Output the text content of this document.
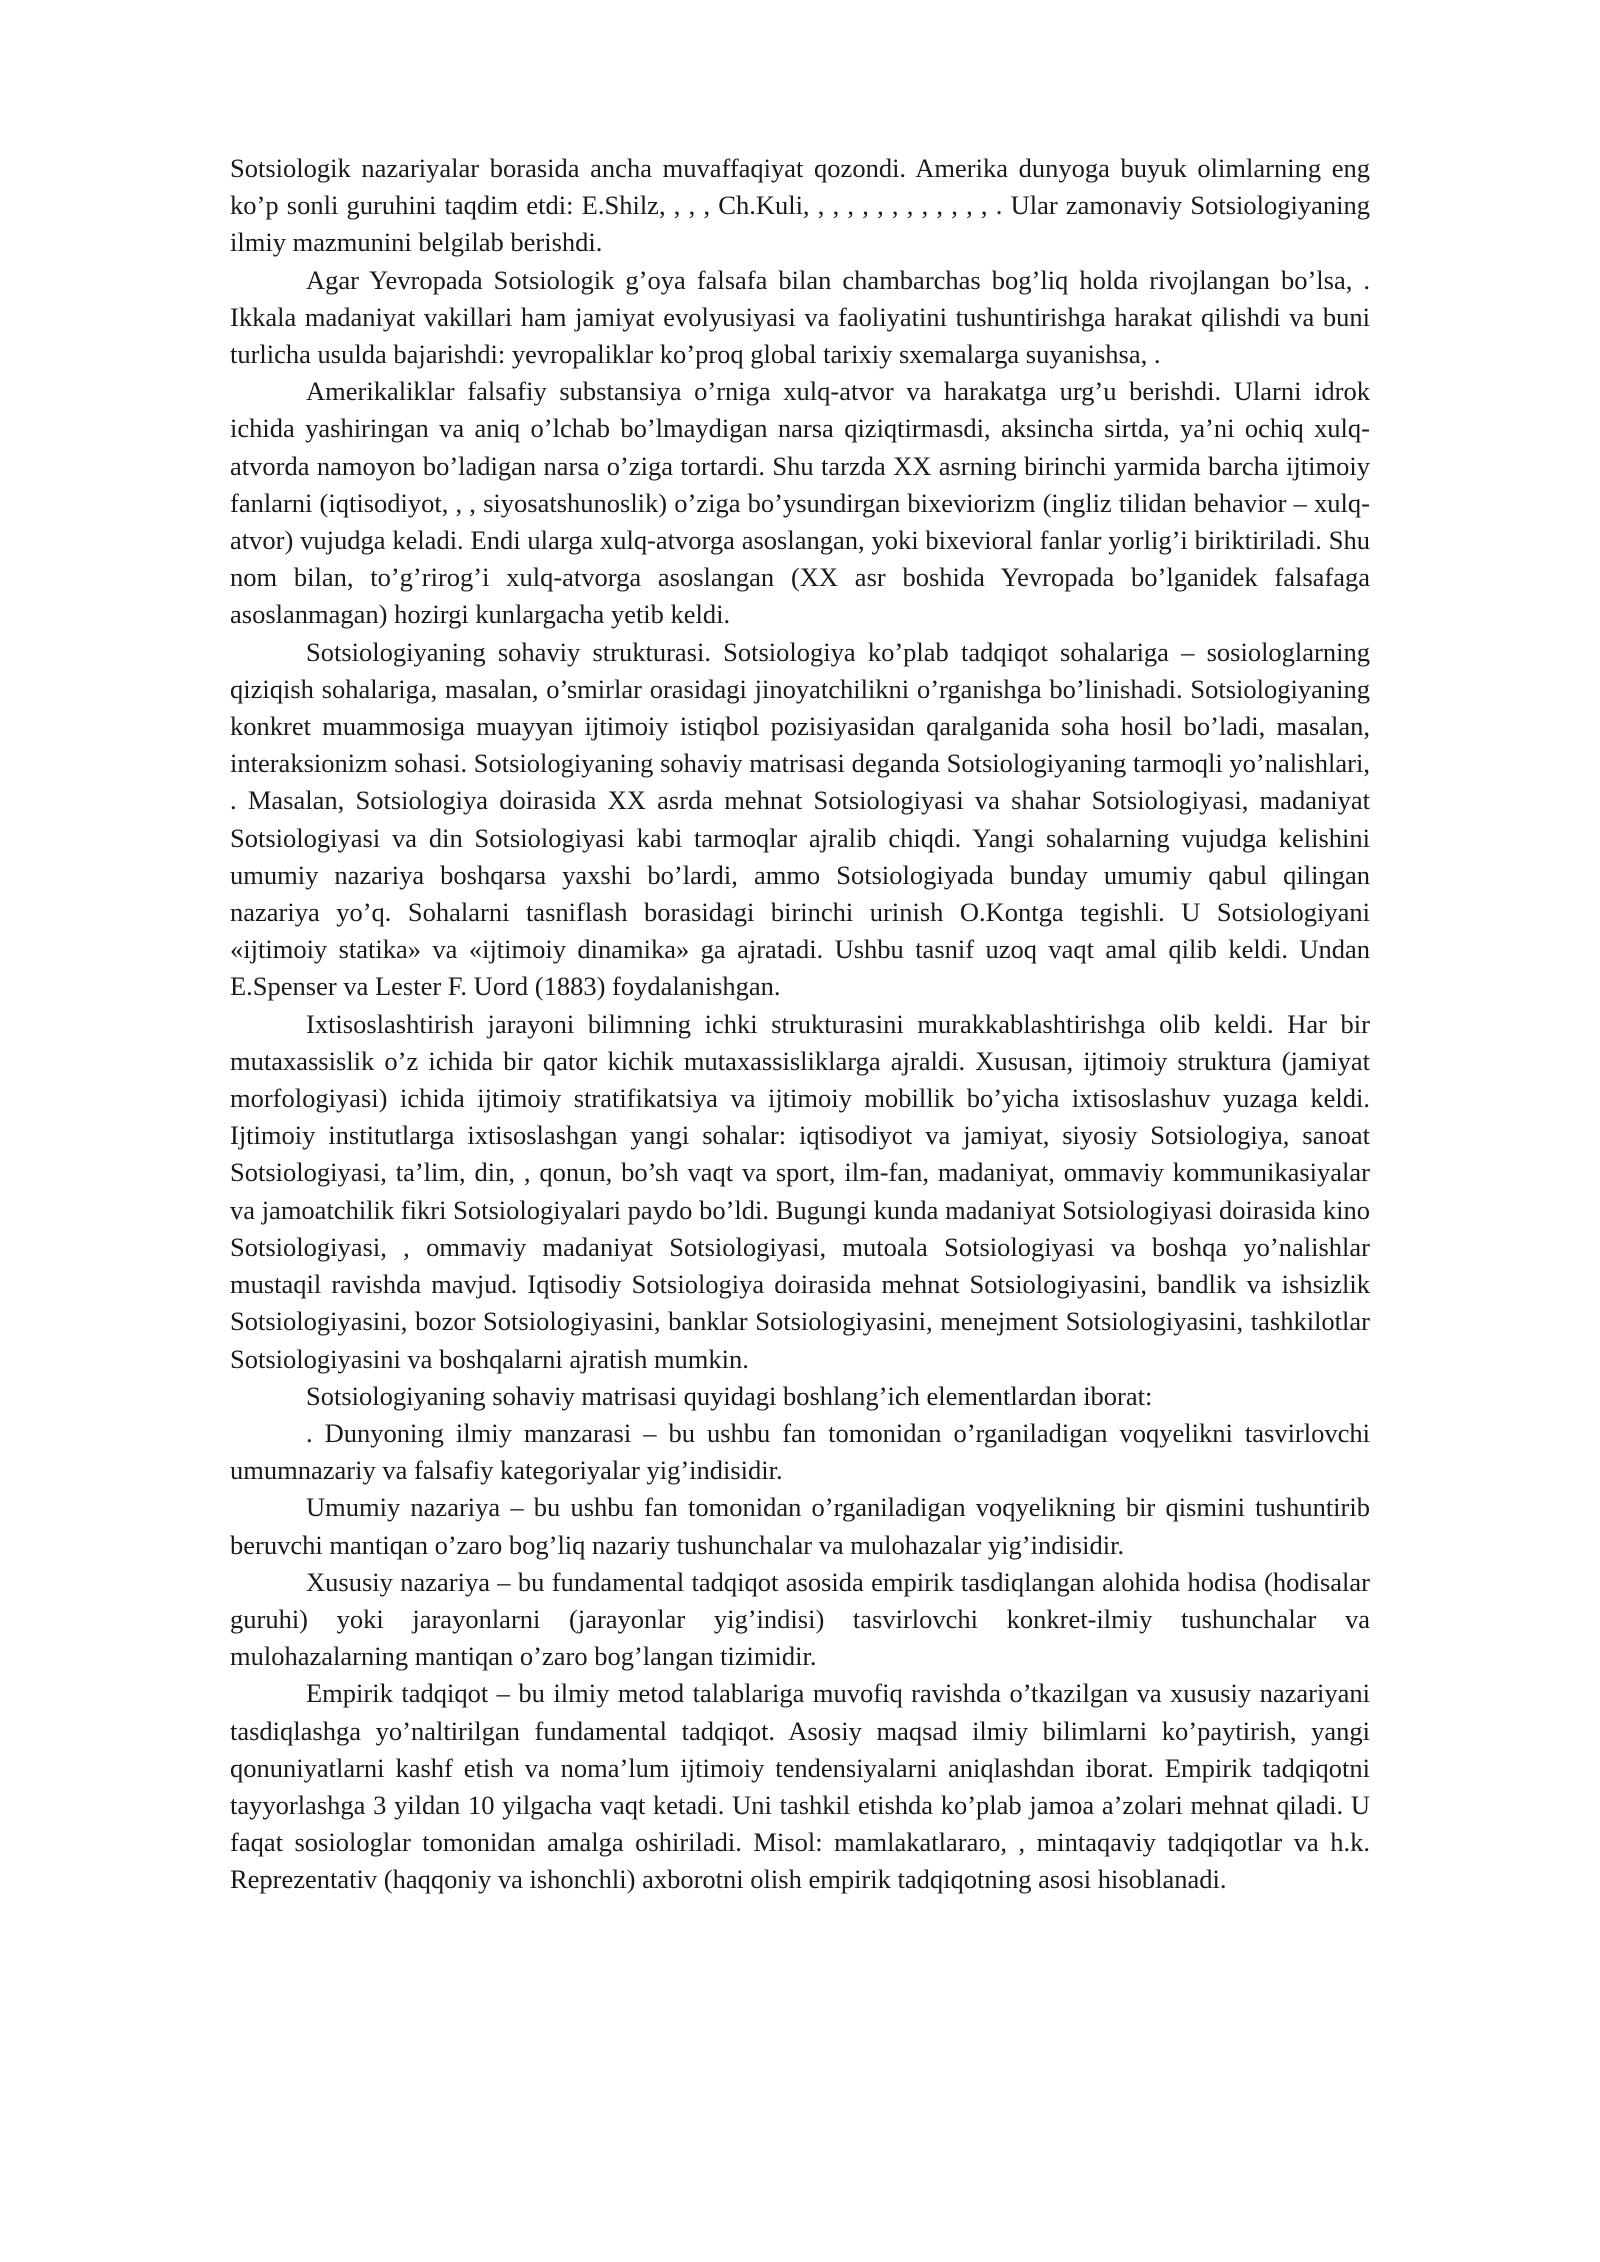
Sotsiologik nazariyalar borasida ancha muvaffaqiyat qozondi. Amerika dunyoga buyuk olimlarning eng ko’p sonli guruhini taqdim etdi: E.Shilz, , , , Ch.Kuli, , , , , , , , , , , , , . Ular zamonaviy Sotsiologiyaning ilmiy mazmunini belgilab berishdi.

Agar Yevropada Sotsiologik g’oya falsafa bilan chambarchas bog’liq holda rivojlangan bo’lsa, . Ikkala madaniyat vakillari ham jamiyat evolyusiyasi va faoliyatini tushuntirishga harakat qilishdi va buni turlicha usulda bajarishdi: yevropaliklar ko’proq global tarixiy sxemalarga suyanishsa, .

Amerikaliklar falsafiy substansiya o’rniga xulq-atvor va harakatga urg’u berishdi. Ularni idrok ichida yashiringan va aniq o’lchab bo’lmaydigan narsa qiziqtirmasdi, aksincha sirtda, ya’ni ochiq xulq-atvorda namoyon bo’ladigan narsa o’ziga tortardi. Shu tarzda XX asrning birinchi yarmida barcha ijtimoiy fanlarni (iqtisodiyot, , , siyosatshunoslik) o’ziga bo’ysundirgan bixeviorizm (ingliz tilidan behavior – xulq-atvor) vujudga keladi. Endi ularga xulq-atvorga asoslangan, yoki bixevioral fanlar yorlig’i biriktiriladi. Shu nom bilan, to’g’rirog’i xulq-atvorga asoslangan (XX asr boshida Yevropada bo’lganidek falsafaga asoslanmagan) hozirgi kunlargacha yetib keldi.

Sotsiologiyaning sohaviy strukturasi. Sotsiologiya ko’plab tadqiqot sohalariga – sosiologlarning qiziqish sohalariga, masalan, o’smirlar orasidagi jinoyatchilikni o’rganishga bo’linishadi. Sotsiologiyaning konkret muammosiga muayyan ijtimoiy istiqbol pozisiyasidan qaralganida soha hosil bo’ladi, masalan, interaksionizm sohasi. Sotsiologiyaning sohaviy matrisasi deganda Sotsiologiyaning tarmoqli yo’nalishlari, . Masalan, Sotsiologiya doirasida XX asrda mehnat Sotsiologiyasi va shahar Sotsiologiyasi, madaniyat Sotsiologiyasi va din Sotsiologiyasi kabi tarmoqlar ajralib chiqdi. Yangi sohalarning vujudga kelishini umumiy nazariya boshqarsa yaxshi bo’lardi, ammo Sotsiologiyada bunday umumiy qabul qilingan nazariya yo’q. Sohalarni tasniflash borasidagi birinchi urinish O.Kontga tegishli. U Sotsiologiyani «ijtimoiy statika» va «ijtimoiy dinamika» ga ajratadi. Ushbu tasnif uzoq vaqt amal qilib keldi. Undan E.Spenser va Lester F. Uord (1883) foydalanishgan.

Ixtisoslashtirish jarayoni bilimning ichki strukturasini murakkablashtirishga olib keldi. Har bir mutaxassislik o’z ichida bir qator kichik mutaxassisliklarga ajraldi. Xususan, ijtimoiy struktura (jamiyat morfologiyasi) ichida ijtimoiy stratifikatsiya va ijtimoiy mobillik bo’yicha ixtisoslashuv yuzaga keldi. Ijtimoiy institutlarga ixtisoslashgan yangi sohalar: iqtisodiyot va jamiyat, siyosiy Sotsiologiya, sanoat Sotsiologiyasi, ta’lim, din, , qonun, bo’sh vaqt va sport, ilm-fan, madaniyat, ommaviy kommunikasiyalar va jamoatchilik fikri Sotsiologiyalari paydo bo’ldi. Bugungi kunda madaniyat Sotsiologiyasi doirasida kino Sotsiologiyasi, , ommaviy madaniyat Sotsiologiyasi, mutoala Sotsiologiyasi va boshqa yo’nalishlar mustaqil ravishda mavjud. Iqtisodiy Sotsiologiya doirasida mehnat Sotsiologiyasini, bandlik va ishsizlik Sotsiologiyasini, bozor Sotsiologiyasini, banklar Sotsiologiyasini, menejment Sotsiologiyasini, tashkilotlar Sotsiologiyasini va boshqalarni ajratish mumkin.

Sotsiologiyaning sohaviy matrisasi quyidagi boshlang’ich elementlardan iborat:

. Dunyoning ilmiy manzarasi – bu ushbu fan tomonidan o’rganiladigan voqyelikni tasvirlovchi umumnazariy va falsafiy kategoriyalar yig’indisidir.

Umumiy nazariya – bu ushbu fan tomonidan o’rganiladigan voqyelikning bir qismini tushuntirib beruvchi mantiqan o’zaro bog’liq nazariy tushunchalar va mulohazalar yig’indisidir.

Xususiy nazariya – bu fundamental tadqiqot asosida empirik tasdiqlangan alohida hodisa (hodisalar guruhi) yoki jarayonlarni (jarayonlar yig’indisi) tasvirlovchi konkret-ilmiy tushunchalar va mulohazalarning mantiqan o’zaro bog’langan tizimidir.

Empirik tadqiqot – bu ilmiy metod talablariga muvofiq ravishda o’tkazilgan va xususiy nazariyani tasdiqlashga yo’naltirilgan fundamental tadqiqot. Asosiy maqsad ilmiy bilimlarni ko’paytirish, yangi qonuniyatlarni kashf etish va noma’lum ijtimoiy tendensiyalarni aniqlashdan iborat. Empirik tadqiqotni tayyorlashga 3 yildan 10 yilgacha vaqt ketadi. Uni tashkil etishda ko’plab jamoa a’zolari mehnat qiladi. U faqat sosiologlar tomonidan amalga oshiriladi. Misol: mamlakatlararo, , mintaqaviy tadqiqotlar va h.k. Reprezentativ (haqqoniy va ishonchli) axborotni olish empirik tadqiqotning asosi hisoblanadi.
